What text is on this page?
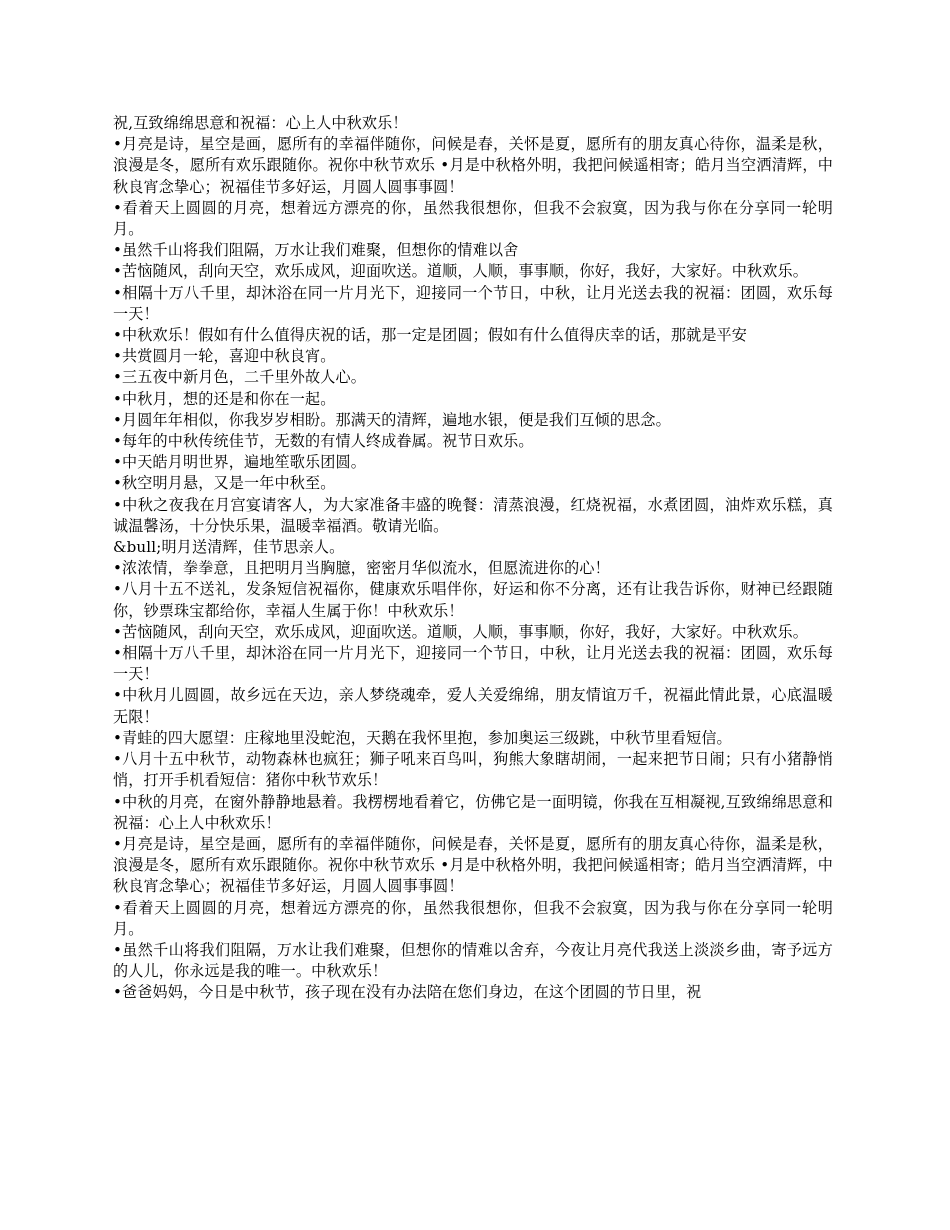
祝,互致绵绵思意和祝福：心上人中秋欢乐！

•月亮是诗，星空是画，愿所有的幸福伴随你，问候是春，关怀是夏，愿所有的朋友真心待你，温柔是秋，浪漫是冬，愿所有欢乐跟随你。祝你中秋节欢乐 •月是中秋格外明，我把问候遥相寄；皓月当空洒清辉，中秋良宵念挚心；祝福佳节多好运，月圆人圆事事圆！

•看着天上圆圆的月亮，想着远方漂亮的你，虽然我很想你，但我不会寂寞，因为我与你在分享同一轮明月。

•虽然千山将我们阻隔，万水让我们难聚，但想你的情难以舍

•苦恼随风，刮向天空，欢乐成风，迎面吹送。道顺，人顺，事事顺，你好，我好，大家好。中秋欢乐。

•相隔十万八千里，却沐浴在同一片月光下，迎接同一个节日，中秋，让月光送去我的祝福：团圆，欢乐每一天！

•中秋欢乐！假如有什么值得庆祝的话，那一定是团圆；假如有什么值得庆幸的话，那就是平安

•共赏圆月一轮，喜迎中秋良宵。

•三五夜中新月色，二千里外故人心。

•中秋月，想的还是和你在一起。

•月圆年年相似，你我岁岁相盼。那满天的清辉，遍地水银，便是我们互倾的思念。

•每年的中秋传统佳节，无数的有情人终成眷属。祝节日欢乐。

•中天皓月明世界，遍地笙歌乐团圆。

•秋空明月悬，又是一年中秋至。

•中秋之夜我在月宫宴请客人，为大家准备丰盛的晚餐：清蒸浪漫，红烧祝福，水煮团圆，油炸欢乐糕，真诚温馨汤，十分快乐果，温暖幸福酒。敬请光临。

&bull;明月送清辉，佳节思亲人。

•浓浓情，拳拳意，且把明月当胸臆，密密月华似流水，但愿流进你的心！

•八月十五不送礼，发条短信祝福你，健康欢乐唱伴你，好运和你不分离，还有让我告诉你，财神已经跟随你，钞票珠宝都给你，幸福人生属于你！中秋欢乐！

•苦恼随风，刮向天空，欢乐成风，迎面吹送。道顺，人顺，事事顺，你好，我好，大家好。中秋欢乐。

•相隔十万八千里，却沐浴在同一片月光下，迎接同一个节日，中秋，让月光送去我的祝福：团圆，欢乐每一天！

•中秋月儿圆圆，故乡远在天边，亲人梦绕魂牵，爱人关爱绵绵，朋友情谊万千，祝福此情此景，心底温暖无限！

•青蛙的四大愿望：庄稼地里没蛇泡，天鹅在我怀里抱，参加奥运三级跳，中秋节里看短信。

•八月十五中秋节，动物森林也疯狂；狮子吼来百鸟叫，狗熊大象瞎胡闹，一起来把节日闹；只有小猪静悄悄，打开手机看短信：猪你中秋节欢乐！

•中秋的月亮，在窗外静静地悬着。我楞楞地看着它，仿佛它是一面明镜，你我在互相凝视,互致绵绵思意和祝福：心上人中秋欢乐！

•月亮是诗，星空是画，愿所有的幸福伴随你，问候是春，关怀是夏，愿所有的朋友真心待你，温柔是秋，浪漫是冬，愿所有欢乐跟随你。祝你中秋节欢乐 •月是中秋格外明，我把问候遥相寄；皓月当空洒清辉，中秋良宵念挚心；祝福佳节多好运，月圆人圆事事圆！

•看着天上圆圆的月亮，想着远方漂亮的你，虽然我很想你，但我不会寂寞，因为我与你在分享同一轮明月。

•虽然千山将我们阻隔，万水让我们难聚，但想你的情难以舍弃，今夜让月亮代我送上淡淡乡曲，寄予远方的人儿，你永远是我的唯一。中秋欢乐！

•爸爸妈妈，今日是中秋节，孩子现在没有办法陪在您们身边，在这个团圆的节日里，祝
